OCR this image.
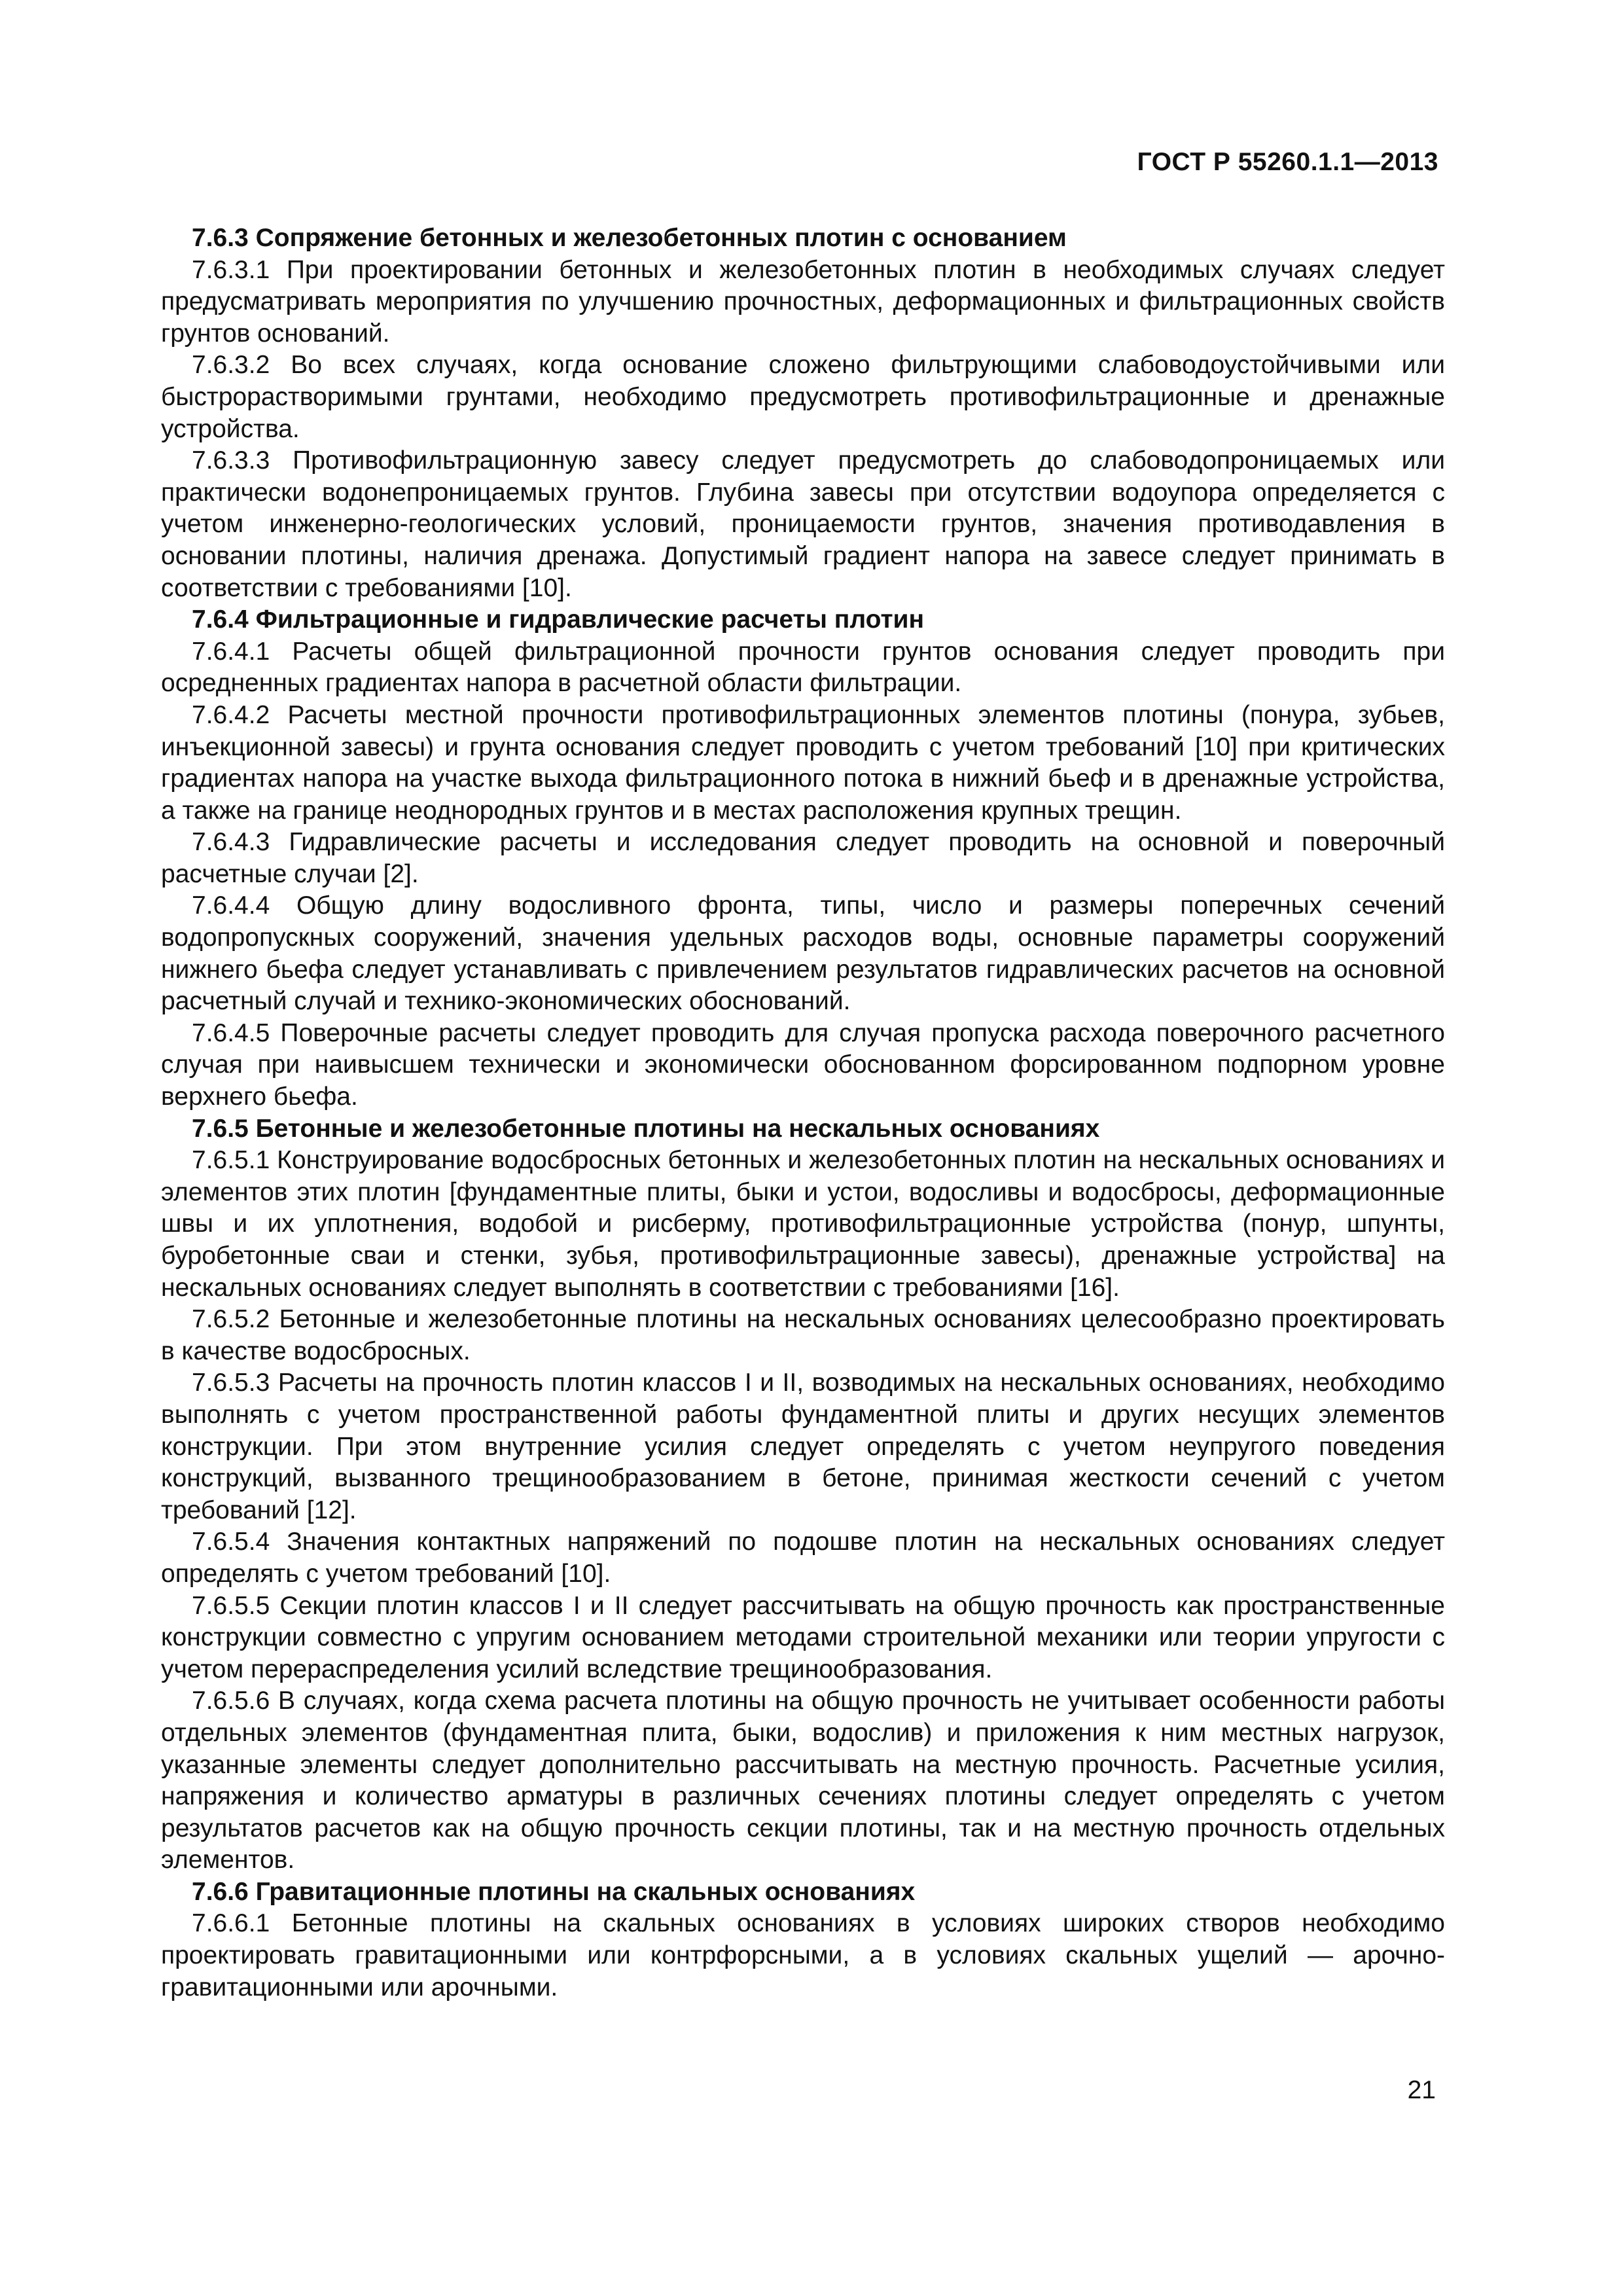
ГОСТ Р 55260.1.1—2013

7.6.3 Сопряжение бетонных и железобетонных плотин с основанием

7.6.3.1 При проектировании бетонных и железобетонных плотин в необходимых случаях следует предусматривать мероприятия по улучшению прочностных, деформационных и фильтрационных свойств грунтов оснований.

7.6.3.2 Во всех случаях, когда основание сложено фильтрующими слабоводоустойчивыми или быстрорастворимыми грунтами, необходимо предусмотреть противофильтрационные и дренажные устройства.

7.6.3.3 Противофильтрационную завесу следует предусмотреть до слабоводопроницаемых или практически водонепроницаемых грунтов. Глубина завесы при отсутствии водоупора определяется с учетом инженерно-геологических условий, проницаемости грунтов, значения противодавления в основании плотины, наличия дренажа. Допустимый градиент напора на завесе следует принимать в соответствии с требованиями [10].

7.6.4 Фильтрационные и гидравлические расчеты плотин

7.6.4.1 Расчеты общей фильтрационной прочности грунтов основания следует проводить при осредненных градиентах напора в расчетной области фильтрации.

7.6.4.2 Расчеты местной прочности противофильтрационных элементов плотины (понура, зубьев, инъекционной завесы) и грунта основания следует проводить с учетом требований [10] при критических градиентах напора на участке выхода фильтрационного потока в нижний бьеф и в дренажные устройства, а также на границе неоднородных грунтов и в местах расположения крупных трещин.

7.6.4.3 Гидравлические расчеты и исследования следует проводить на основной и поверочный расчетные случаи [2].

7.6.4.4 Общую длину водосливного фронта, типы, число и размеры поперечных сечений водопропускных сооружений, значения удельных расходов воды, основные параметры сооружений нижнего бьефа следует устанавливать с привлечением результатов гидравлических расчетов на основной расчетный случай и технико-экономических обоснований.

7.6.4.5 Поверочные расчеты следует проводить для случая пропуска расхода поверочного расчетного случая при наивысшем технически и экономически обоснованном форсированном подпорном уровне верхнего бьефа.

7.6.5 Бетонные и железобетонные плотины на нескальных основаниях

7.6.5.1 Конструирование водосбросных бетонных и железобетонных плотин на нескальных основаниях и элементов этих плотин [фундаментные плиты, быки и устои, водосливы и водосбросы, деформационные швы и их уплотнения, водобой и рисберму, противофильтрационные устройства (понур, шпунты, буробетонные сваи и стенки, зубья, противофильтрационные завесы), дренажные устройства] на нескальных основаниях следует выполнять в соответствии с требованиями [16].

7.6.5.2 Бетонные и железобетонные плотины на нескальных основаниях целесообразно проектировать в качестве водосбросных.

7.6.5.3 Расчеты на прочность плотин классов I и II, возводимых на нескальных основаниях, необходимо выполнять с учетом пространственной работы фундаментной плиты и других несущих элементов конструкции. При этом внутренние усилия следует определять с учетом неупругого поведения конструкций, вызванного трещинообразованием в бетоне, принимая жесткости сечений с учетом требований [12].

7.6.5.4 Значения контактных напряжений по подошве плотин на нескальных основаниях следует определять с учетом требований [10].

7.6.5.5 Секции плотин классов I и II следует рассчитывать на общую прочность как пространственные конструкции совместно с упругим основанием методами строительной механики или теории упругости с учетом перераспределения усилий вследствие трещинообразования.

7.6.5.6 В случаях, когда схема расчета плотины на общую прочность не учитывает особенности работы отдельных элементов (фундаментная плита, быки, водослив) и приложения к ним местных нагрузок, указанные элементы следует дополнительно рассчитывать на местную прочность. Расчетные усилия, напряжения и количество арматуры в различных сечениях плотины следует определять с учетом результатов расчетов как на общую прочность секции плотины, так и на местную прочность отдельных элементов.

7.6.6 Гравитационные плотины на скальных основаниях

7.6.6.1 Бетонные плотины на скальных основаниях в условиях широких створов необходимо проектировать гравитационными или контрфорсными, а в условиях скальных ущелий — арочно-гравитационными или арочными.

21
